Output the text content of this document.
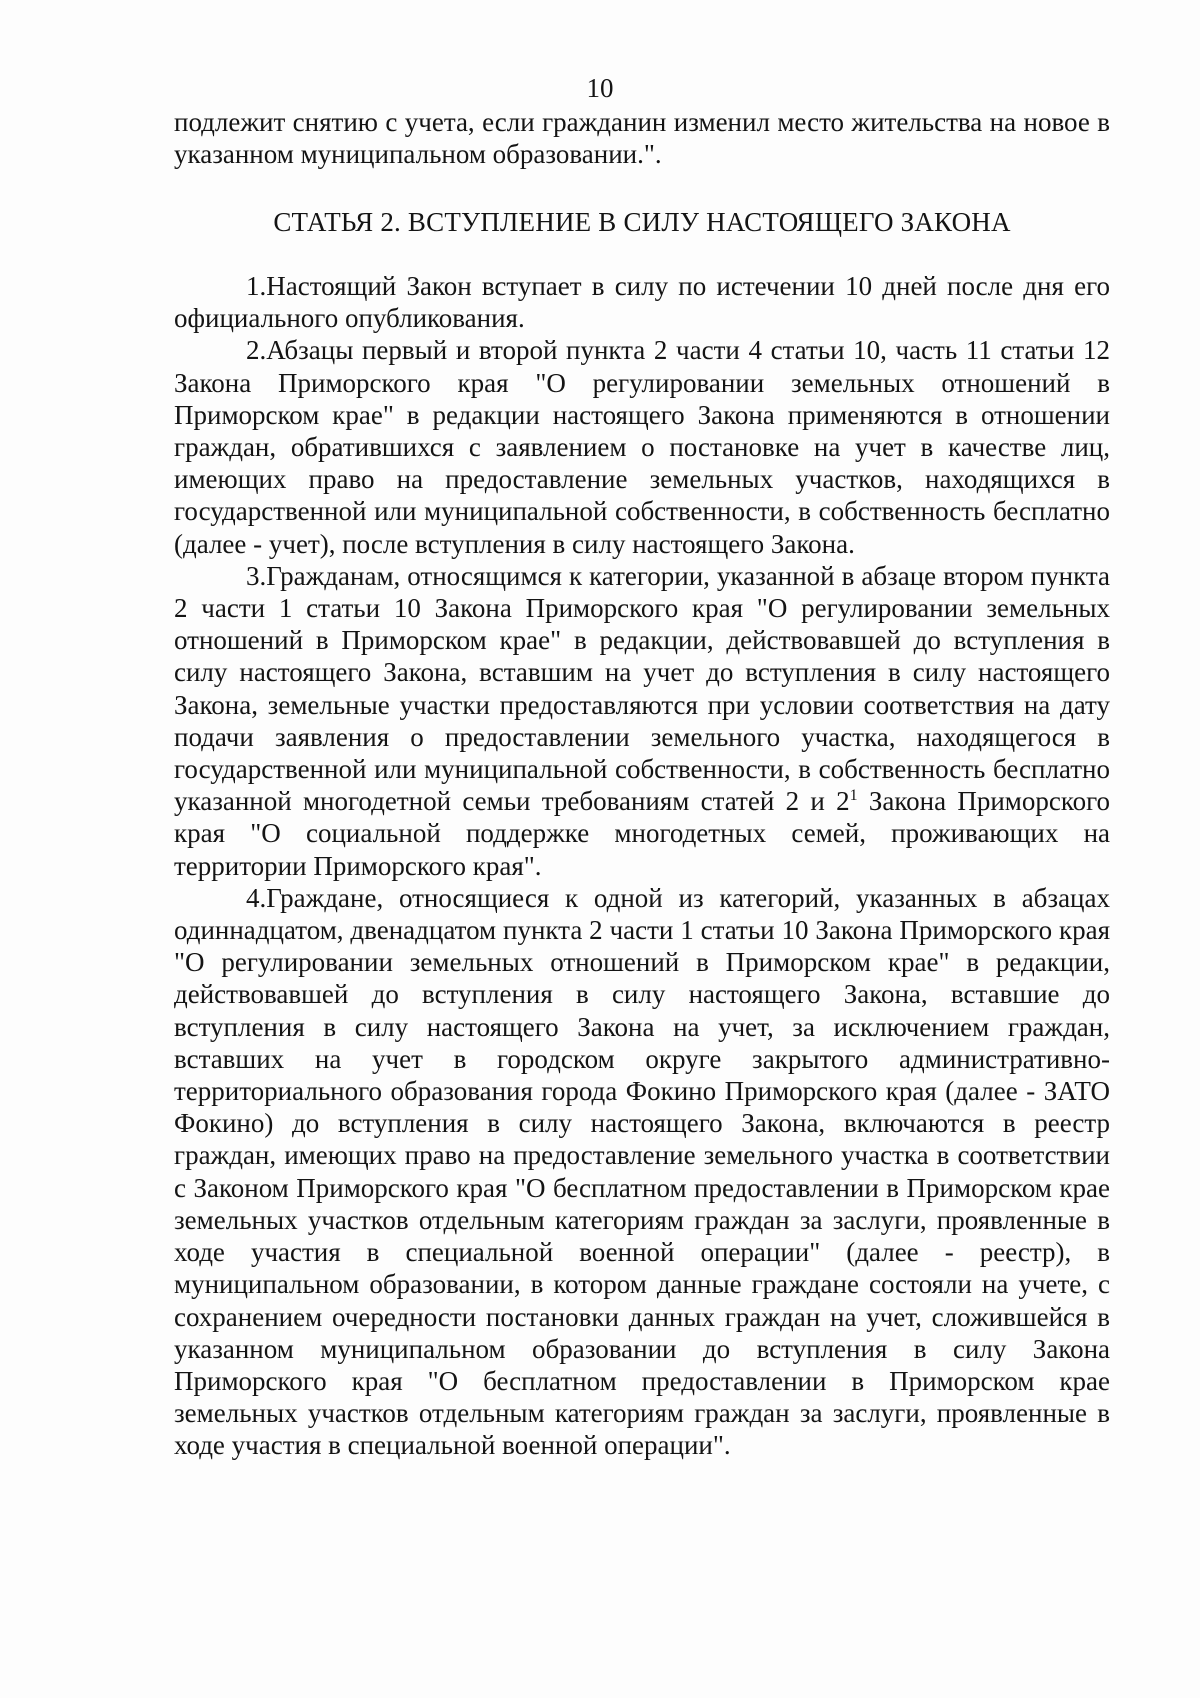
10

подлежит снятию с учета, если гражданин изменил место жительства на новое в указанном муниципальном образовании.".

СТАТЬЯ 2. ВСТУПЛЕНИЕ В СИЛУ НАСТОЯЩЕГО ЗАКОНА

1.Настоящий Закон вступает в силу по истечении 10 дней после дня его официального опубликования.

2.Абзацы первый и второй пункта 2 части 4 статьи 10, часть 11 статьи 12 Закона Приморского края "О регулировании земельных отношений в Приморском крае" в редакции настоящего Закона применяются в отношении граждан, обратившихся с заявлением о постановке на учет в качестве лиц, имеющих право на предоставление земельных участков, находящихся в государственной или муниципальной собственности, в собственность бесплатно (далее - учет), после вступления в силу настоящего Закона.

3.Гражданам, относящимся к категории, указанной в абзаце втором пункта 2 части 1 статьи 10 Закона Приморского края "О регулировании земельных отношений в Приморском крае" в редакции, действовавшей до вступления в силу настоящего Закона, вставшим на учет до вступления в силу настоящего Закона, земельные участки предоставляются при условии соответствия на дату подачи заявления о предоставлении земельного участка, находящегося в государственной или муниципальной собственности, в собственность бесплатно указанной многодетной семьи требованиям статей 2 и $2^1$ Закона Приморского края "О социальной поддержке многодетных семей, проживающих на территории Приморского края".

4.Граждане, относящиеся к одной из категорий, указанных в абзацах одиннадцатом, двенадцатом пункта 2 части 1 статьи 10 Закона Приморского края "О регулировании земельных отношений в Приморском крае" в редакции, действовавшей до вступления в силу настоящего Закона, вставшие до вступления в силу настоящего Закона на учет, за исключением граждан, вставших на учет в городском округе закрытого административно-территориального образования города Фокино Приморского края (далее - ЗАТО Фокино) до вступления в силу настоящего Закона, включаются в реестр граждан, имеющих право на предоставление земельного участка в соответствии с Законом Приморского края "О бесплатном предоставлении в Приморском крае земельных участков отдельным категориям граждан за заслуги, проявленные в ходе участия в специальной военной операции" (далее - реестр), в муниципальном образовании, в котором данные граждане состояли на учете, с сохранением очередности постановки данных граждан на учет, сложившейся в указанном муниципальном образовании до вступления в силу Закона Приморского края "О бесплатном предоставлении в Приморском крае земельных участков отдельным категориям граждан за заслуги, проявленные в ходе участия в специальной военной операции".
